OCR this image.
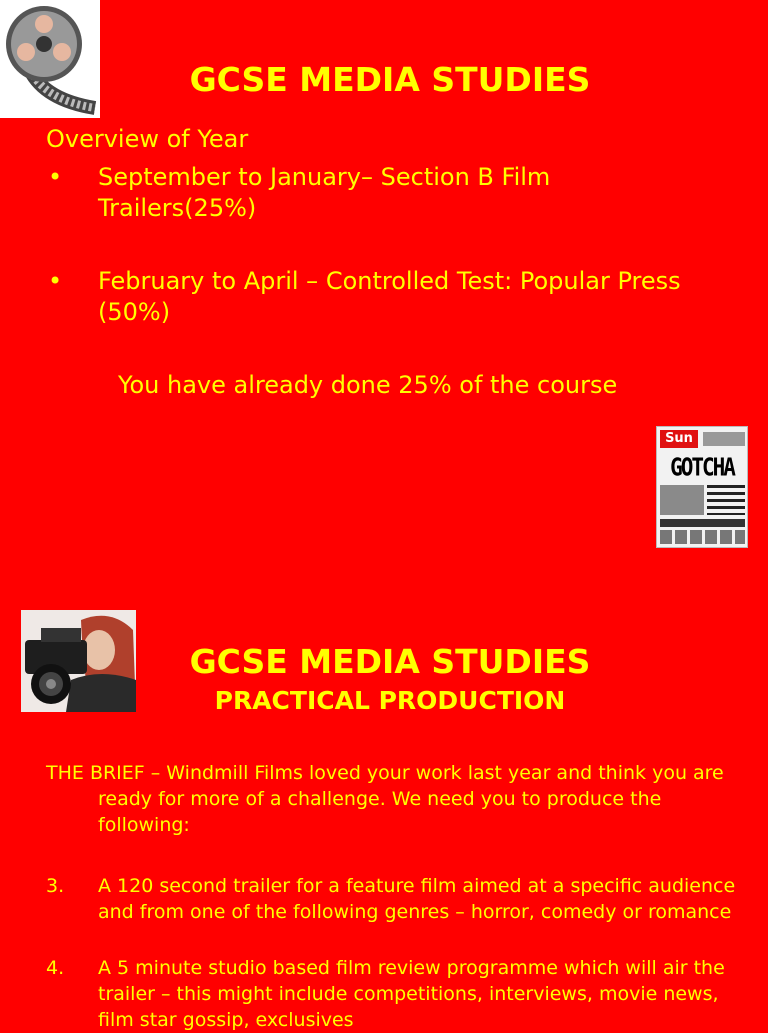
GCSE MEDIA STUDIES
Overview of Year
•	September to January– Section B Film Trailers(25%)
•	February to April – Controlled Test: Popular Press (50%)
You have already done 25% of the course
Sun
GOTCHA
GCSE MEDIA STUDIES
PRACTICAL PRODUCTION
THE BRIEF – Windmill Films loved your work last year and think you are ready for more of a challenge. We need you to produce the following:
3.	A 120 second trailer for a feature film aimed at a specific audience and from one of the following genres – horror, comedy or romance
4.	A 5 minute studio based film review programme which will air the trailer – this might include competitions, interviews, movie news, film star gossip, exclusives
